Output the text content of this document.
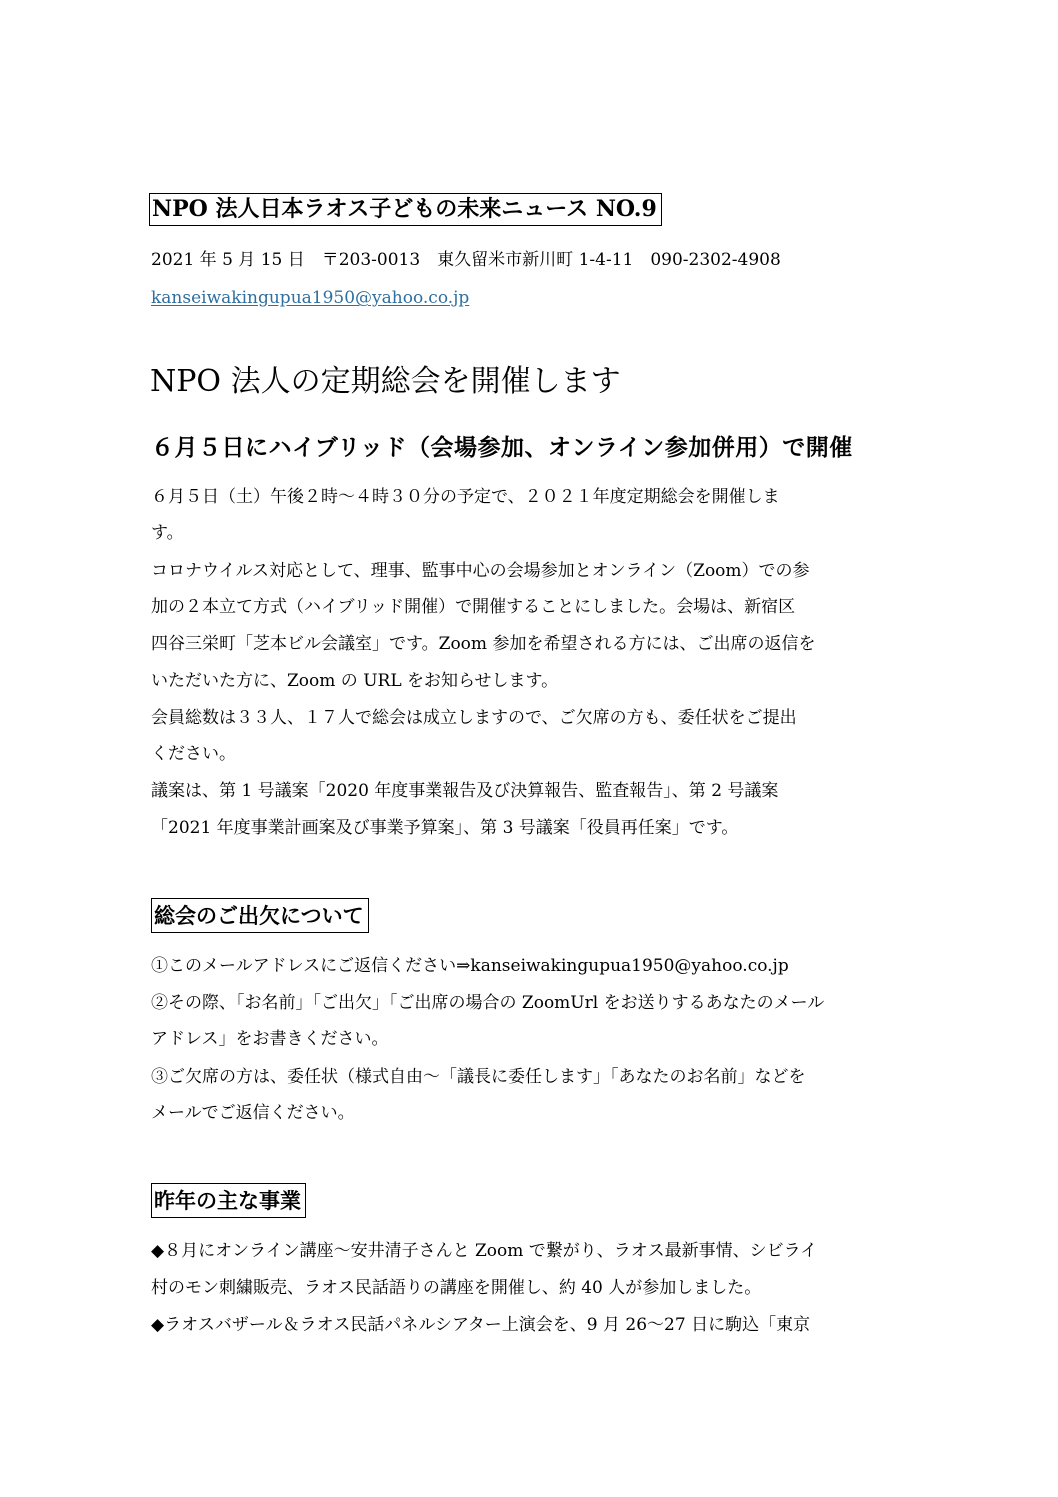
NPO 法人日本ラオス子どもの未来ニュース NO.9
2021 年 5 月 15 日　〒203-0013　東久留米市新川町 1-4-11　090-2302-4908
kanseiwakingupua1950@yahoo.co.jp
NPO 法人の定期総会を開催します
６月５日にハイブリッド（会場参加、オンライン参加併用）で開催
６月５日（土）午後２時～４時３０分の予定で、２０２１年度定期総会を開催しま
す。
コロナウイルス対応として、理事、監事中心の会場参加とオンライン（Zoom）での参
加の２本立て方式（ハイブリッド開催）で開催することにしました。会場は、新宿区
四谷三栄町「芝本ビル会議室」です。Zoom 参加を希望される方には、ご出席の返信を
いただいた方に、Zoom の URL をお知らせします。
会員総数は３３人、１７人で総会は成立しますので、ご欠席の方も、委任状をご提出
ください。
議案は、第 1 号議案「2020 年度事業報告及び決算報告、監査報告」、第 2 号議案
「2021 年度事業計画案及び事業予算案」、第 3 号議案「役員再任案」です。
総会のご出欠について
①このメールアドレスにご返信ください⇒kanseiwakingupua1950@yahoo.co.jp
②その際、「お名前」「ご出欠」「ご出席の場合の ZoomUrl をお送りするあなたのメール
アドレス」をお書きください。
③ご欠席の方は、委任状（様式自由～「議長に委任します」「あなたのお名前」などを
メールでご返信ください。
昨年の主な事業
◆８月にオンライン講座～安井清子さんと Zoom で繋がり、ラオス最新事情、シビライ
村のモン刺繍販売、ラオス民話語りの講座を開催し、約 40 人が参加しました。
◆ラオスバザール＆ラオス民話パネルシアター上演会を、9 月 26～27 日に駒込「東京
